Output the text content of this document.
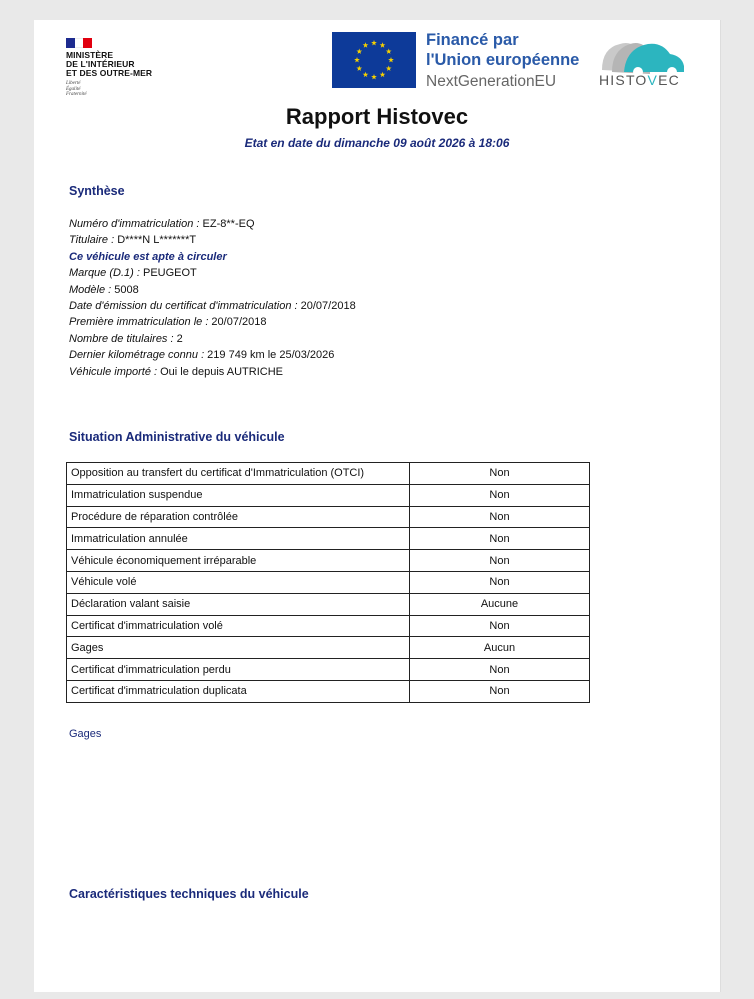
MINISTÈRE
DE L'INTÉRIEUR
ET DES OUTRE-MER
Liberté
Égalité
Fraternité
Financé par
l'Union européenne
NextGenerationEU	HISTOVEC
Rapport Histovec
Etat en date du dimanche 09 août 2026 à 18:06
Synthèse
Numéro d'immatriculation : EZ-8**-EQ
Titulaire : D****N L*******T
Ce véhicule est apte à circuler
Marque (D.1) : PEUGEOT
Modèle : 5008
Date d'émission du certificat d'immatriculation : 20/07/2018
Première immatriculation le : 20/07/2018
Nombre de titulaires : 2
Dernier kilométrage connu : 219 749 km le 25/03/2026
Véhicule importé : Oui le depuis AUTRICHE
Situation Administrative du véhicule
Opposition au transfert du certificat d'Immatriculation (OTCI)	Non
Immatriculation suspendue	Non
Procédure de réparation contrôlée	Non
Immatriculation annulée	Non
Véhicule économiquement irréparable	Non
Véhicule volé	Non
Déclaration valant saisie	Aucune
Certificat d'immatriculation volé	Non
Gages	Aucun
Certificat d'immatriculation perdu	Non
Certificat d'immatriculation duplicata	Non
Gages
Caractéristiques techniques du véhicule
